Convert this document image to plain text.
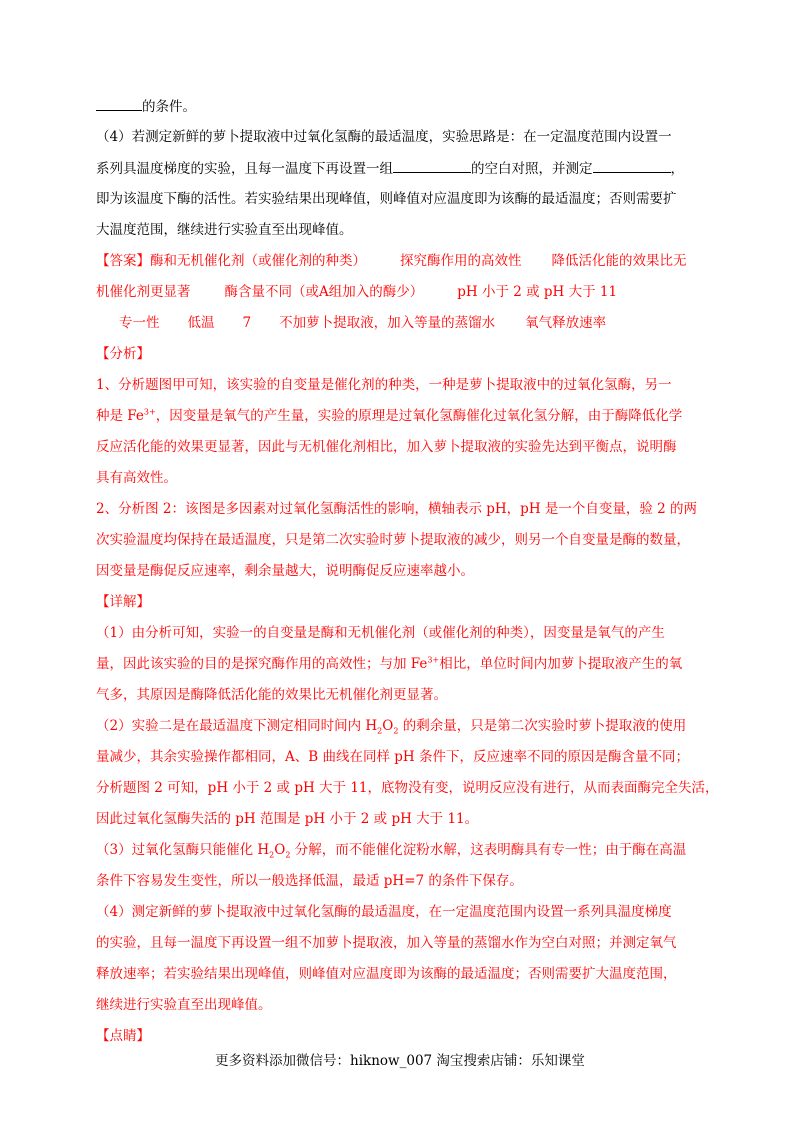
的条件。
（4）若测定新鲜的萝卜提取液中过氧化氢酶的最适温度，实验思路是：在一定温度范围内设置一
系列具温度梯度的实验，且每一温度下再设置一组	的空白对照，并测定	，
即为该温度下酶的活性。若实验结果出现峰值，则峰值对应温度即为该酶的最适温度；否则需要扩
大温度范围，继续进行实验直至出现峰值。
【答案】酶和无机催化剂（或催化剂的种类）	探究酶作用的高效性 降低活化能的效果比无
机催化剂更显著	酶含量不同（或A组加入的酶少）	pH 小于 2 或 pH 大于 11
专一性 低温 7 不加萝卜提取液，加入等量的蒸馏水 氧气释放速率
【分析】
1、分析题图甲可知，该实验的自变量是催化剂的种类，一种是萝卜提取液中的过氧化氢酶，另一
种是 $Fe^{3+}$，因变量是氧气的产生量，实验的原理是过氧化氢酶催化过氧化氢分解，由于酶降低化学
反应活化能的效果更显著，因此与无机催化剂相比，加入萝卜提取液的实验先达到平衡点，说明酶
具有高效性。
2、分析图 2：该图是多因素对过氧化氢酶活性的影响，横轴表示 pH，pH 是一个自变量，验 2 的两
次实验温度均保持在最适温度，只是第二次实验时萝卜提取液的减少，则另一个自变量是酶的数量，
因变量是酶促反应速率，剩余量越大，说明酶促反应速率越小。
【详解】
（1）由分析可知，实验一的自变量是酶和无机催化剂（或催化剂的种类），因变量是氧气的产生
量，因此该实验的目的是探究酶作用的高效性；与加 $Fe^{3+}$相比，单位时间内加萝卜提取液产生的氧
气多，其原因是酶降低活化能的效果比无机催化剂更显著。
（2）实验二是在最适温度下测定相同时间内 $H_2O_2$ 的剩余量，只是第二次实验时萝卜提取液的使用
量减少，其余实验操作都相同，A、B 曲线在同样 pH 条件下，反应速率不同的原因是酶含量不同；
分析题图 2 可知，pH 小于 2 或 pH 大于 11，底物没有变，说明反应没有进行，从而表面酶完全失活，
因此过氧化氢酶失活的 pH 范围是 pH 小于 2 或 pH 大于 11。
（3）过氧化氢酶只能催化 $H_2O_2$ 分解，而不能催化淀粉水解，这表明酶具有专一性；由于酶在高温
条件下容易发生变性，所以一般选择低温，最适 pH=7 的条件下保存。
（4）测定新鲜的萝卜提取液中过氧化氢酶的最适温度，在一定温度范围内设置一系列具温度梯度
的实验，且每一温度下再设置一组不加萝卜提取液，加入等量的蒸馏水作为空白对照；并测定氧气
释放速率；若实验结果出现峰值，则峰值对应温度即为该酶的最适温度；否则需要扩大温度范围，
继续进行实验直至出现峰值。
【点睛】
更多资料添加微信号：hiknow_007 淘宝搜索店铺：乐知课堂
